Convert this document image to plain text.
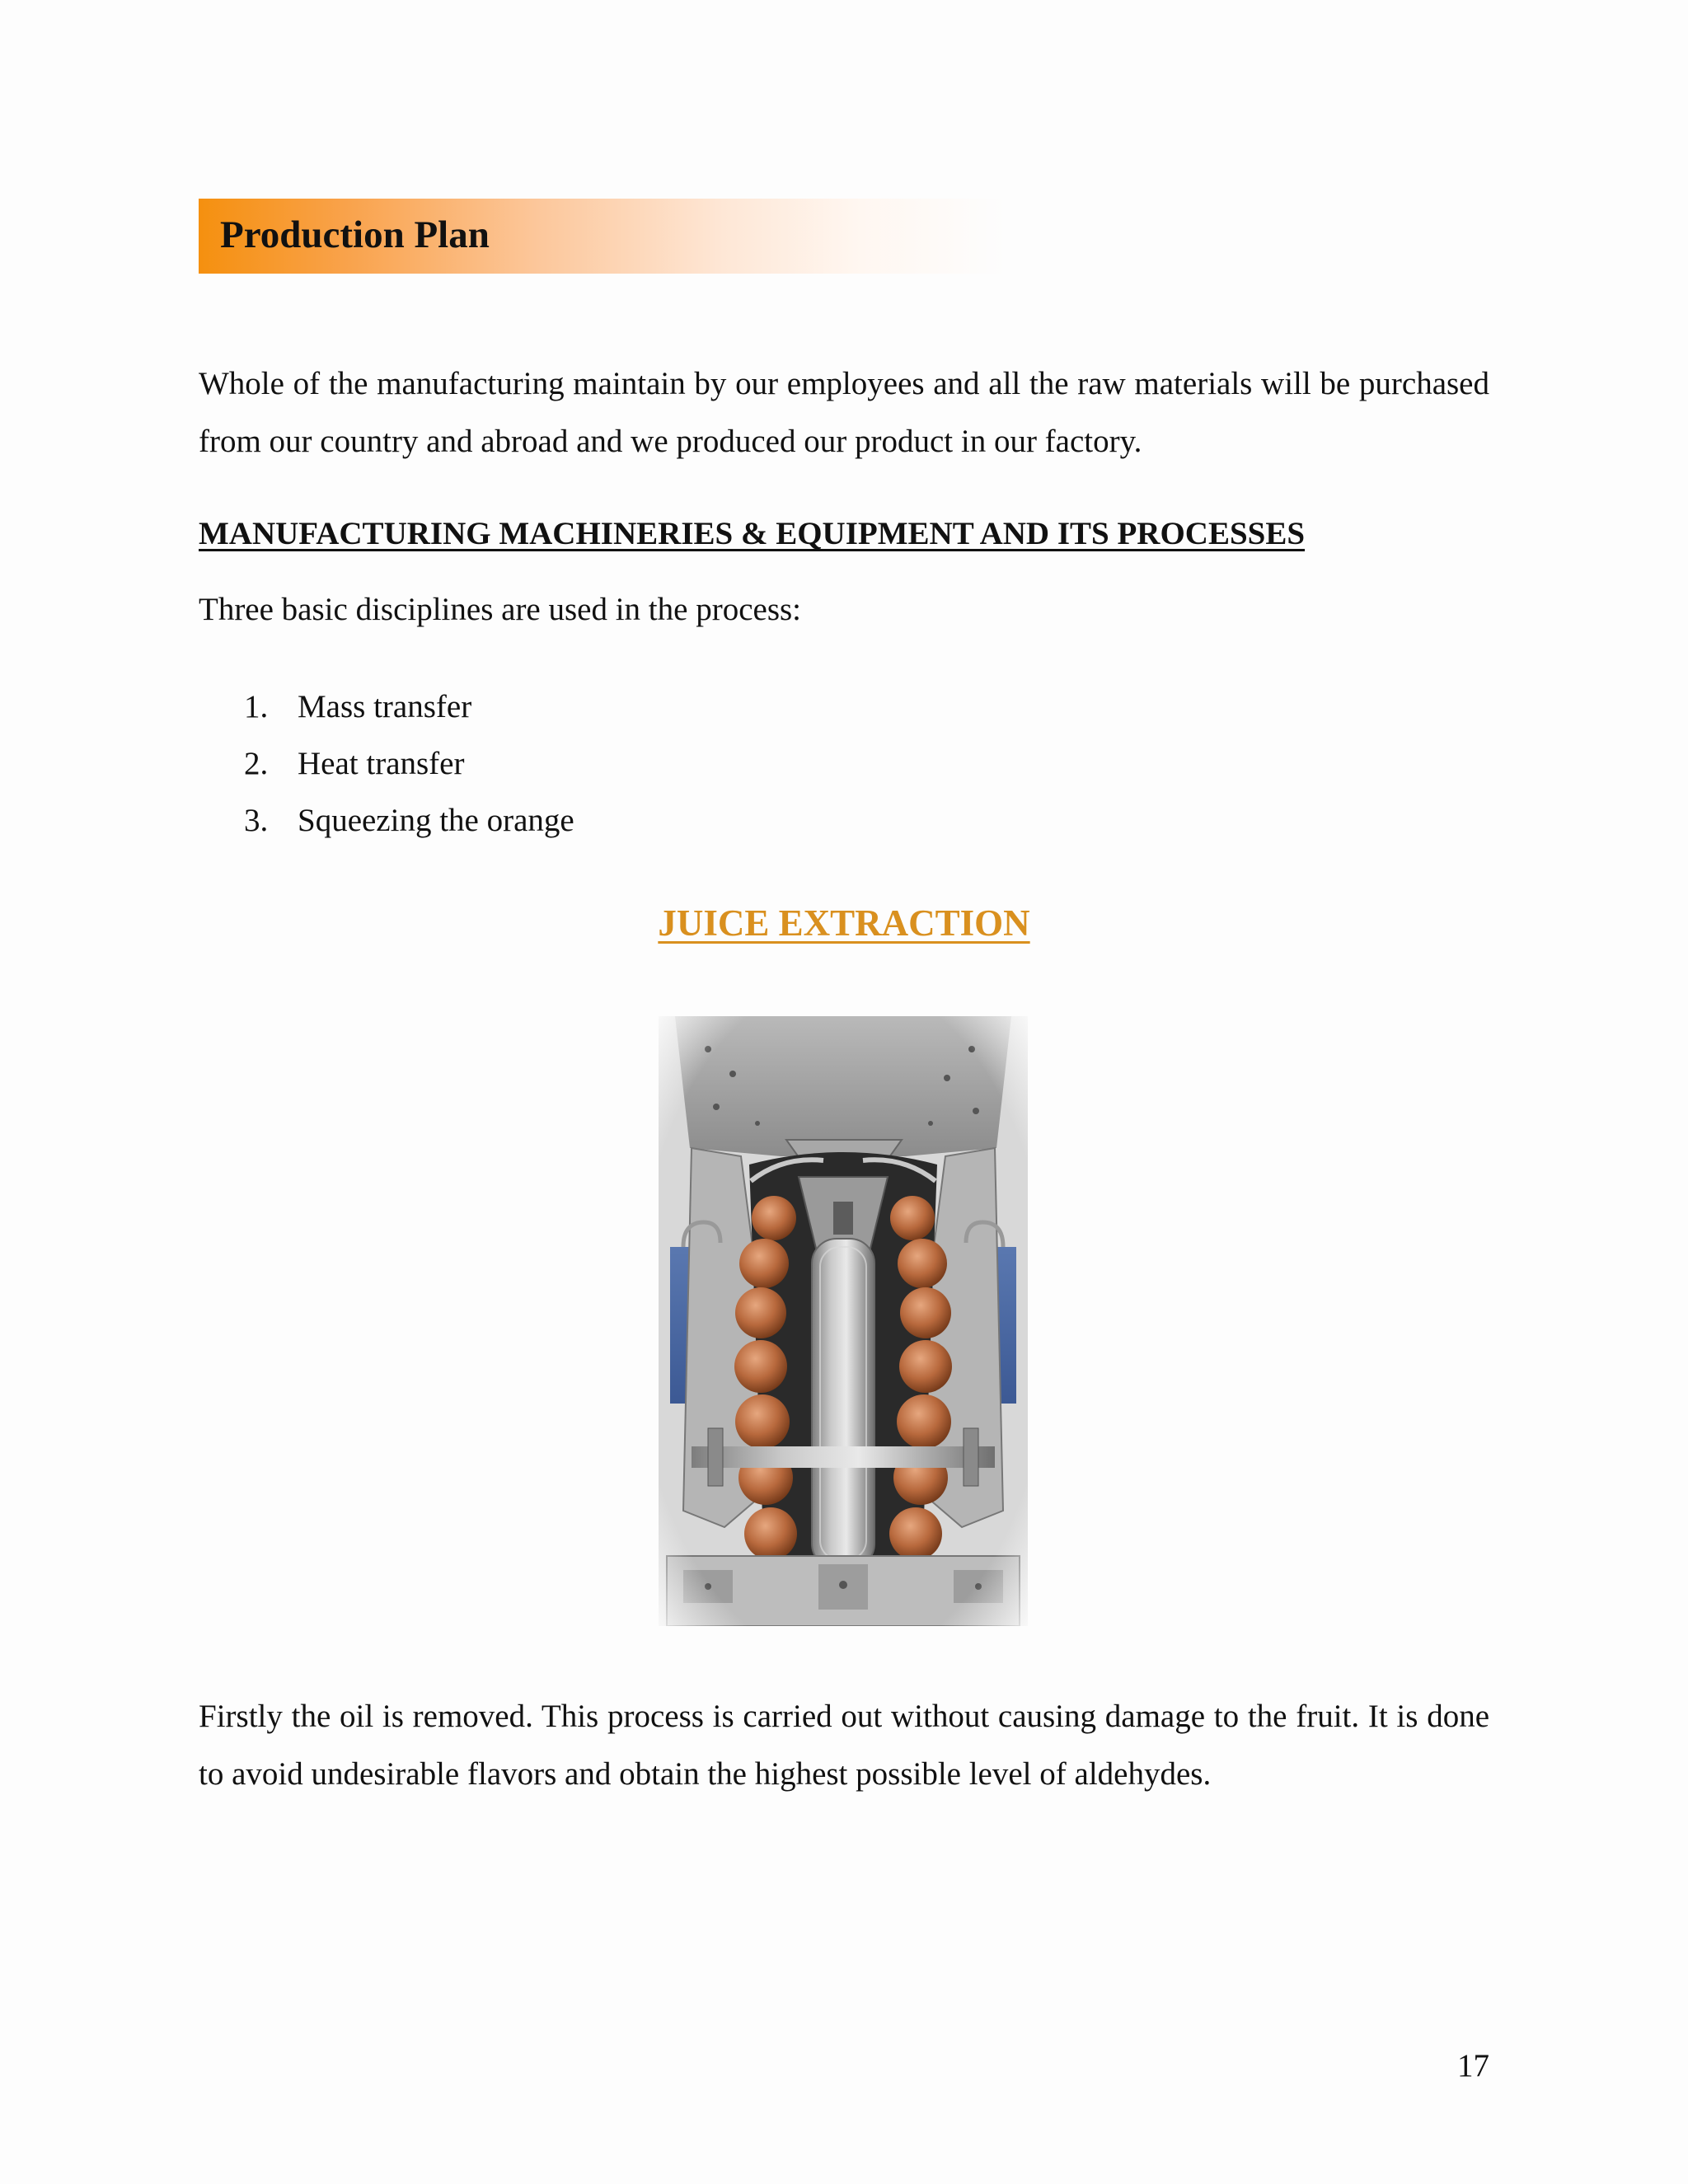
Production Plan

Whole of the manufacturing maintain by our employees and all the raw materials will be purchased from our country and abroad and we produced our product in our factory.

MANUFACTURING MACHINERIES & EQUIPMENT AND ITS PROCESSES
Three basic disciplines are used in the process:
1. Mass transfer
2. Heat transfer
3. Squeezing the orange
JUICE EXTRACTION

Firstly the oil is removed. This process is carried out without causing damage to the fruit. It is done to avoid undesirable flavors and obtain the highest possible level of aldehydes.

17
